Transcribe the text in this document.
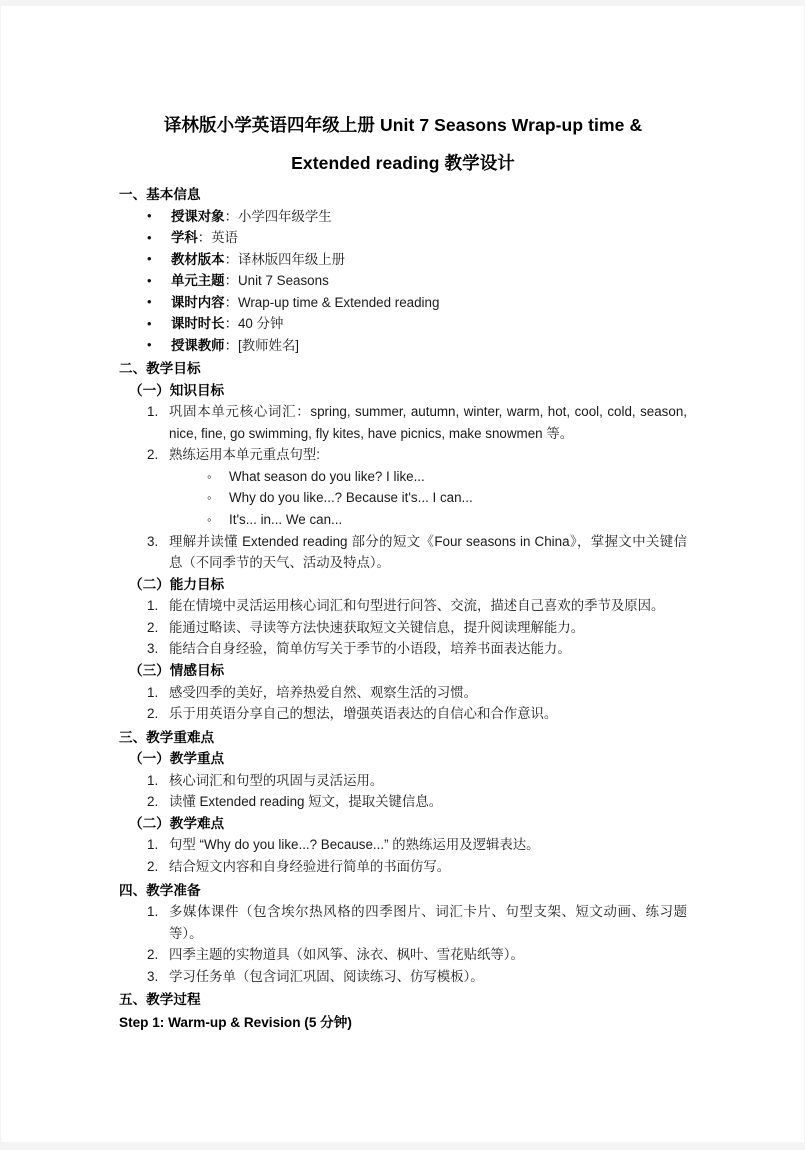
译林版小学英语四年级上册 Unit 7 Seasons Wrap-up time &
Extended reading 教学设计
一、基本信息
• 授课对象：小学四年级学生
• 学科：英语
• 教材版本：译林版四年级上册
• 单元主题：Unit 7 Seasons
• 课时内容：Wrap-up time & Extended reading
• 课时时长：40 分钟
• 授课教师：[教师姓名]
二、教学目标
（一）知识目标
巩固本单元核心词汇：spring, summer, autumn, winter, warm, hot, cool, cold, season, nice, fine, go swimming, fly kites, have picnics, make snowmen 等。
熟练运用本单元重点句型:
◦ What season do you like? I like...
◦ Why do you like...? Because it's... I can...
◦ It's... in... We can...
理解并读懂 Extended reading 部分的短文《Four seasons in China》，掌握文中关键信息（不同季节的天气、活动及特点）。
（二）能力目标
能在情境中灵活运用核心词汇和句型进行问答、交流，描述自己喜欢的季节及原因。
能通过略读、寻读等方法快速获取短文关键信息，提升阅读理解能力。
能结合自身经验，简单仿写关于季节的小语段，培养书面表达能力。
（三）情感目标
感受四季的美好，培养热爱自然、观察生活的习惯。
乐于用英语分享自己的想法，增强英语表达的自信心和合作意识。
三、教学重难点
（一）教学重点
核心词汇和句型的巩固与灵活运用。
读懂 Extended reading 短文，提取关键信息。
（二）教学难点
句型 “Why do you like...? Because...” 的熟练运用及逻辑表达。
结合短文内容和自身经验进行简单的书面仿写。
四、教学准备
多媒体课件（包含埃尔热风格的四季图片、词汇卡片、句型支架、短文动画、练习题等）。
四季主题的实物道具（如风筝、泳衣、枫叶、雪花贴纸等）。
学习任务单（包含词汇巩固、阅读练习、仿写模板）。
五、教学过程
Step 1: Warm-up & Revision (5 分钟)
